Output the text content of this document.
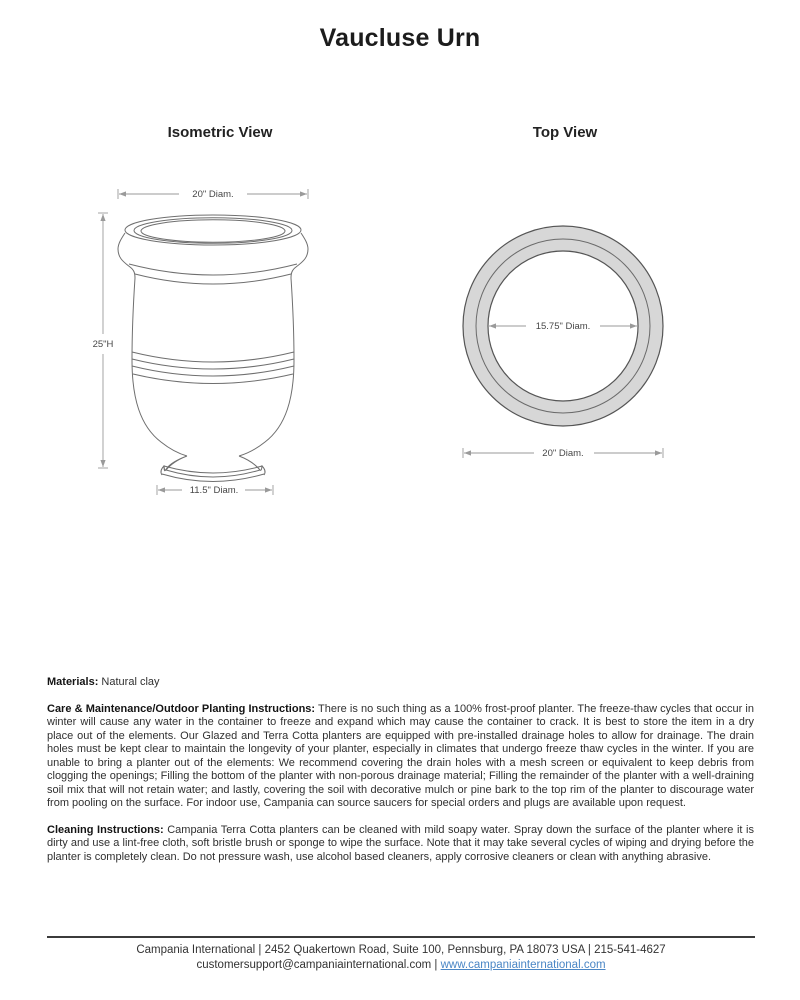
Vaucluse Urn
Isometric View	Top View
20" Diam.
25"H
11.5" Diam.
15.75" Diam.
20" Diam.

Materials: Natural clay

Care & Maintenance/Outdoor Planting Instructions: There is no such thing as a 100% frost-proof planter. The freeze-thaw cycles that occur in winter will cause any water in the container to freeze and expand which may cause the container to crack. It is best to store the item in a dry place out of the elements. Our Glazed and Terra Cotta planters are equipped with pre-installed drainage holes to allow for drainage. The drain holes must be kept clear to maintain the longevity of your planter, especially in climates that undergo freeze thaw cycles in the winter. If you are unable to bring a planter out of the elements: We recommend covering the drain holes with a mesh screen or equivalent to keep debris from clogging the openings; Filling the bottom of the planter with non-porous drainage material; Filling the remainder of the planter with a well-draining soil mix that will not retain water; and lastly, covering the soil with decorative mulch or pine bark to the top rim of the planter to discourage water from pooling on the surface. For indoor use, Campania can source saucers for special orders and plugs are available upon request.

Cleaning Instructions: Campania Terra Cotta planters can be cleaned with mild soapy water. Spray down the surface of the planter where it is dirty and use a lint-free cloth, soft bristle brush or sponge to wipe the surface. Note that it may take several cycles of wiping and drying before the planter is completely clean. Do not pressure wash, use alcohol based cleaners, apply corrosive cleaners or clean with anything abrasive.

Campania International | 2452 Quakertown Road, Suite 100, Pennsburg, PA 18073 USA | 215-541-4627
customersupport@campaniainternational.com | www.campaniainternational.com
